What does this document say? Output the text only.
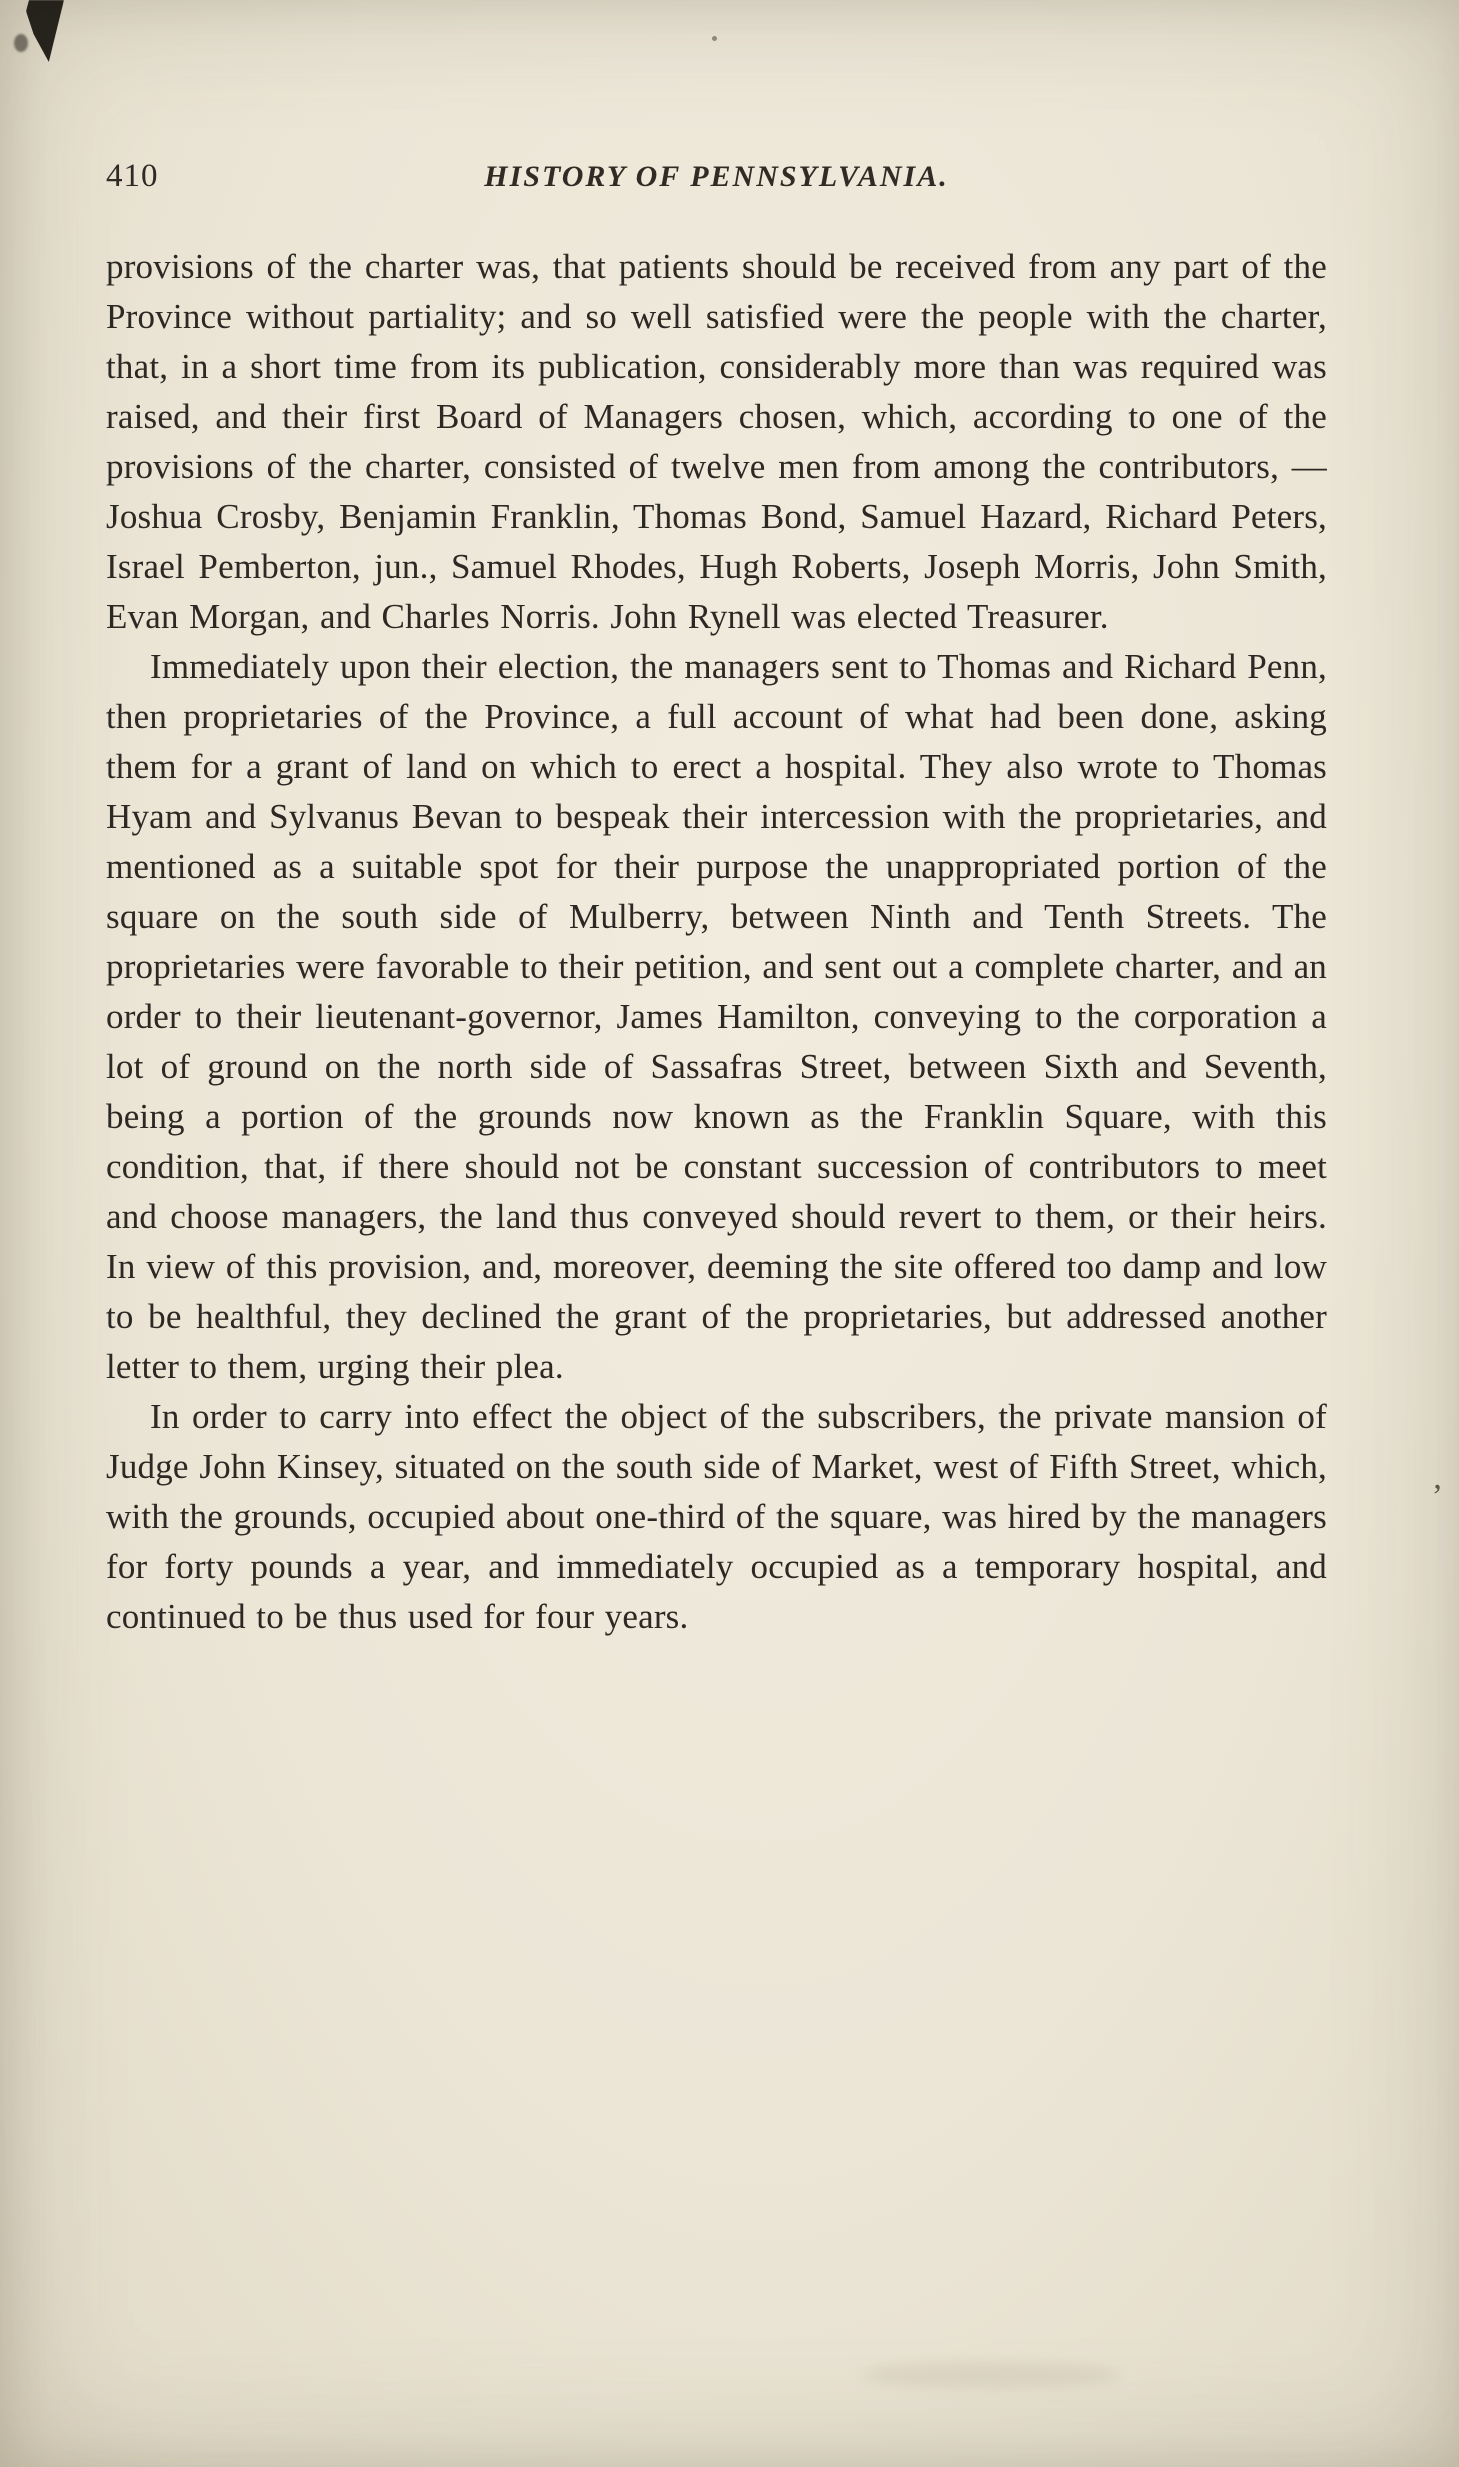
410	HISTORY OF PENNSYLVANIA.

provisions of the charter was, that patients should be received from any part of the Province without partiality; and so well satisfied were the people with the charter, that, in a short time from its publication, considerably more than was required was raised, and their first Board of Managers chosen, which, according to one of the provisions of the charter, consisted of twelve men from among the contributors, — Joshua Crosby, Benjamin Franklin, Thomas Bond, Samuel Hazard, Richard Peters, Israel Pemberton, jun., Samuel Rhodes, Hugh Roberts, Joseph Morris, John Smith, Evan Morgan, and Charles Norris. John Rynell was elected Treasurer.

Immediately upon their election, the managers sent to Thomas and Richard Penn, then proprietaries of the Province, a full account of what had been done, asking them for a grant of land on which to erect a hospital. They also wrote to Thomas Hyam and Sylvanus Bevan to bespeak their intercession with the proprietaries, and mentioned as a suitable spot for their purpose the unappropriated portion of the square on the south side of Mulberry, between Ninth and Tenth Streets. The proprietaries were favorable to their petition, and sent out a complete charter, and an order to their lieutenant-governor, James Hamilton, conveying to the corporation a lot of ground on the north side of Sassafras Street, between Sixth and Seventh, being a portion of the grounds now known as the Franklin Square, with this condition, that, if there should not be constant succession of contributors to meet and choose managers, the land thus conveyed should revert to them, or their heirs. In view of this provision, and, moreover, deeming the site offered too damp and low to be healthful, they declined the grant of the proprietaries, but addressed another letter to them, urging their plea.

In order to carry into effect the object of the subscribers, the private mansion of Judge John Kinsey, situated on the south side of Market, west of Fifth Street, which, with the grounds, occupied about one-third of the square, was hired by the managers for forty pounds a year, and immediately occupied as a temporary hospital, and continued to be thus used for four years.

’
